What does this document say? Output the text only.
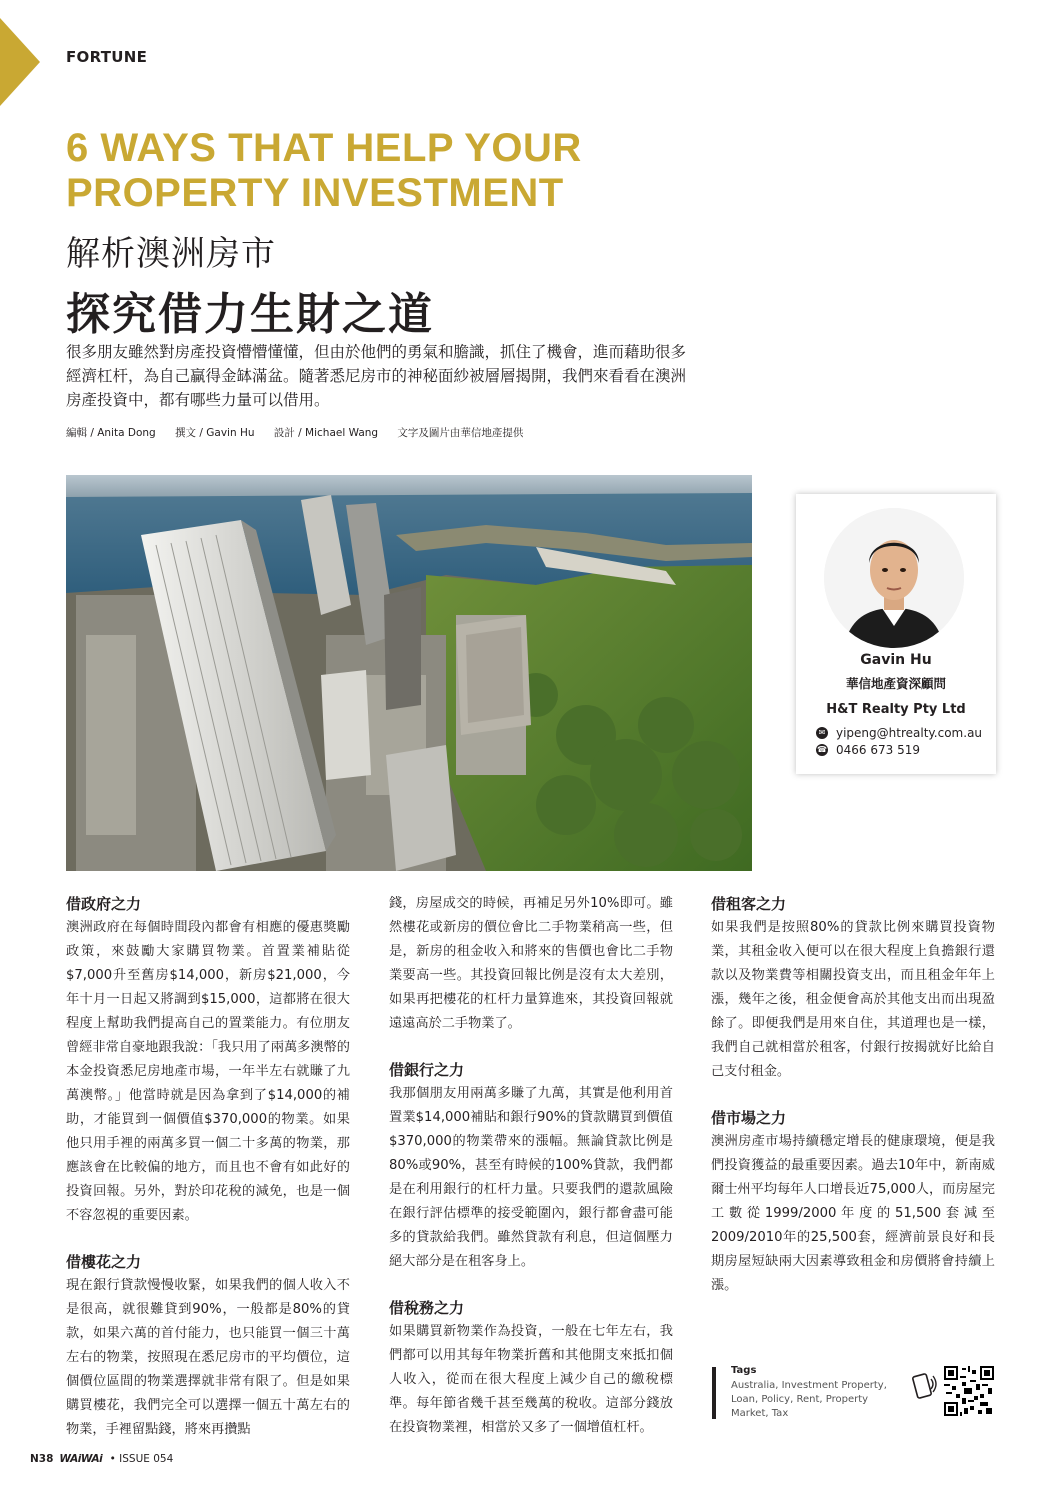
FORTUNE
6 WAYS THAT HELP YOUR
PROPERTY INVESTMENT
解析澳洲房市
探究借力生財之道
很多朋友雖然對房產投資懵懵懂懂，但由於他們的勇氣和膽識，抓住了機會，進而藉助很多經濟杠杆，為自己贏得金缽滿盆。隨著悉尼房市的神秘面紗被層層揭開，我們來看看在澳洲房產投資中，都有哪些力量可以借用。
編輯 / Anita Dong 撰文 / Gavin Hu 設計 / Michael Wang 文字及圖片由華信地產提供
Gavin Hu
華信地產資深顧問
H&T Realty Pty Ltd
✉ yipeng@htrealty.com.au
☎ 0466 673 519
借政府之力

澳洲政府在每個時間段內都會有相應的優惠獎勵政策，來鼓勵大家購買物業。首置業補貼從$7,000升至舊房$14,000，新房$21,000，今年十月一日起又將調到$15,000，這都將在很大程度上幫助我們提高自己的置業能力。有位朋友曾經非常自豪地跟我說：「我只用了兩萬多澳幣的本金投資悉尼房地產市場，一年半左右就賺了九萬澳幣。」他當時就是因為拿到了$14,000的補助，才能買到一個價值$370,000的物業。如果他只用手裡的兩萬多買一個二十多萬的物業，那應該會在比較偏的地方，而且也不會有如此好的投資回報。另外，對於印花稅的減免，也是一個不容忽視的重要因素。

借樓花之力

現在銀行貸款慢慢收緊，如果我們的個人收入不是很高，就很難貸到90%，一般都是80%的貸款，如果六萬的首付能力，也只能買一個三十萬左右的物業，按照現在悉尼房市的平均價位，這個價位區間的物業選擇就非常有限了。但是如果購買樓花，我們完全可以選擇一個五十萬左右的物業，手裡留點錢，將來再攢點

錢，房屋成交的時候，再補足另外10%即可。雖然樓花或新房的價位會比二手物業稍高一些，但是，新房的租金收入和將來的售價也會比二手物業要高一些。其投資回報比例是沒有太大差別，如果再把樓花的杠杆力量算進來，其投資回報就遠遠高於二手物業了。

借銀行之力

我那個朋友用兩萬多賺了九萬，其實是他利用首置業$14,000補貼和銀行90%的貸款購買到價值$370,000的物業帶來的漲幅。無論貸款比例是80%或90%，甚至有時候的100%貸款，我們都是在利用銀行的杠杆力量。只要我們的還款風險在銀行評估標準的接受範圍內，銀行都會盡可能多的貸款給我們。雖然貸款有利息，但這個壓力絕大部分是在租客身上。

借稅務之力

如果購買新物業作為投資，一般在七年左右，我們都可以用其每年物業折舊和其他開支來抵扣個人收入，從而在很大程度上減少自己的繳稅標準。每年節省幾千甚至幾萬的稅收。這部分錢放在投資物業裡，相當於又多了一個增值杠杆。

借租客之力

如果我們是按照80%的貸款比例來購買投資物業，其租金收入便可以在很大程度上負擔銀行還款以及物業費等相關投資支出，而且租金年年上漲，幾年之後，租金便會高於其他支出而出現盈餘了。即便我們是用來自住，其道理也是一樣，我們自己就相當於租客，付銀行按揭就好比給自己支付租金。

借市場之力

澳洲房產市場持續穩定增長的健康環境，便是我們投資獲益的最重要因素。過去10年中，新南威爾士州平均每年人口增長近75,000人，而房屋完工數從1999/2000年度的51,500套減至2009/2010年的25,500套，經濟前景良好和長期房屋短缺兩大因素導致租金和房價將會持續上漲。

Tags
Australia, Investment Property, Loan, Policy, Rent, Property Market, Tax
N38 WAiWAi • ISSUE 054
